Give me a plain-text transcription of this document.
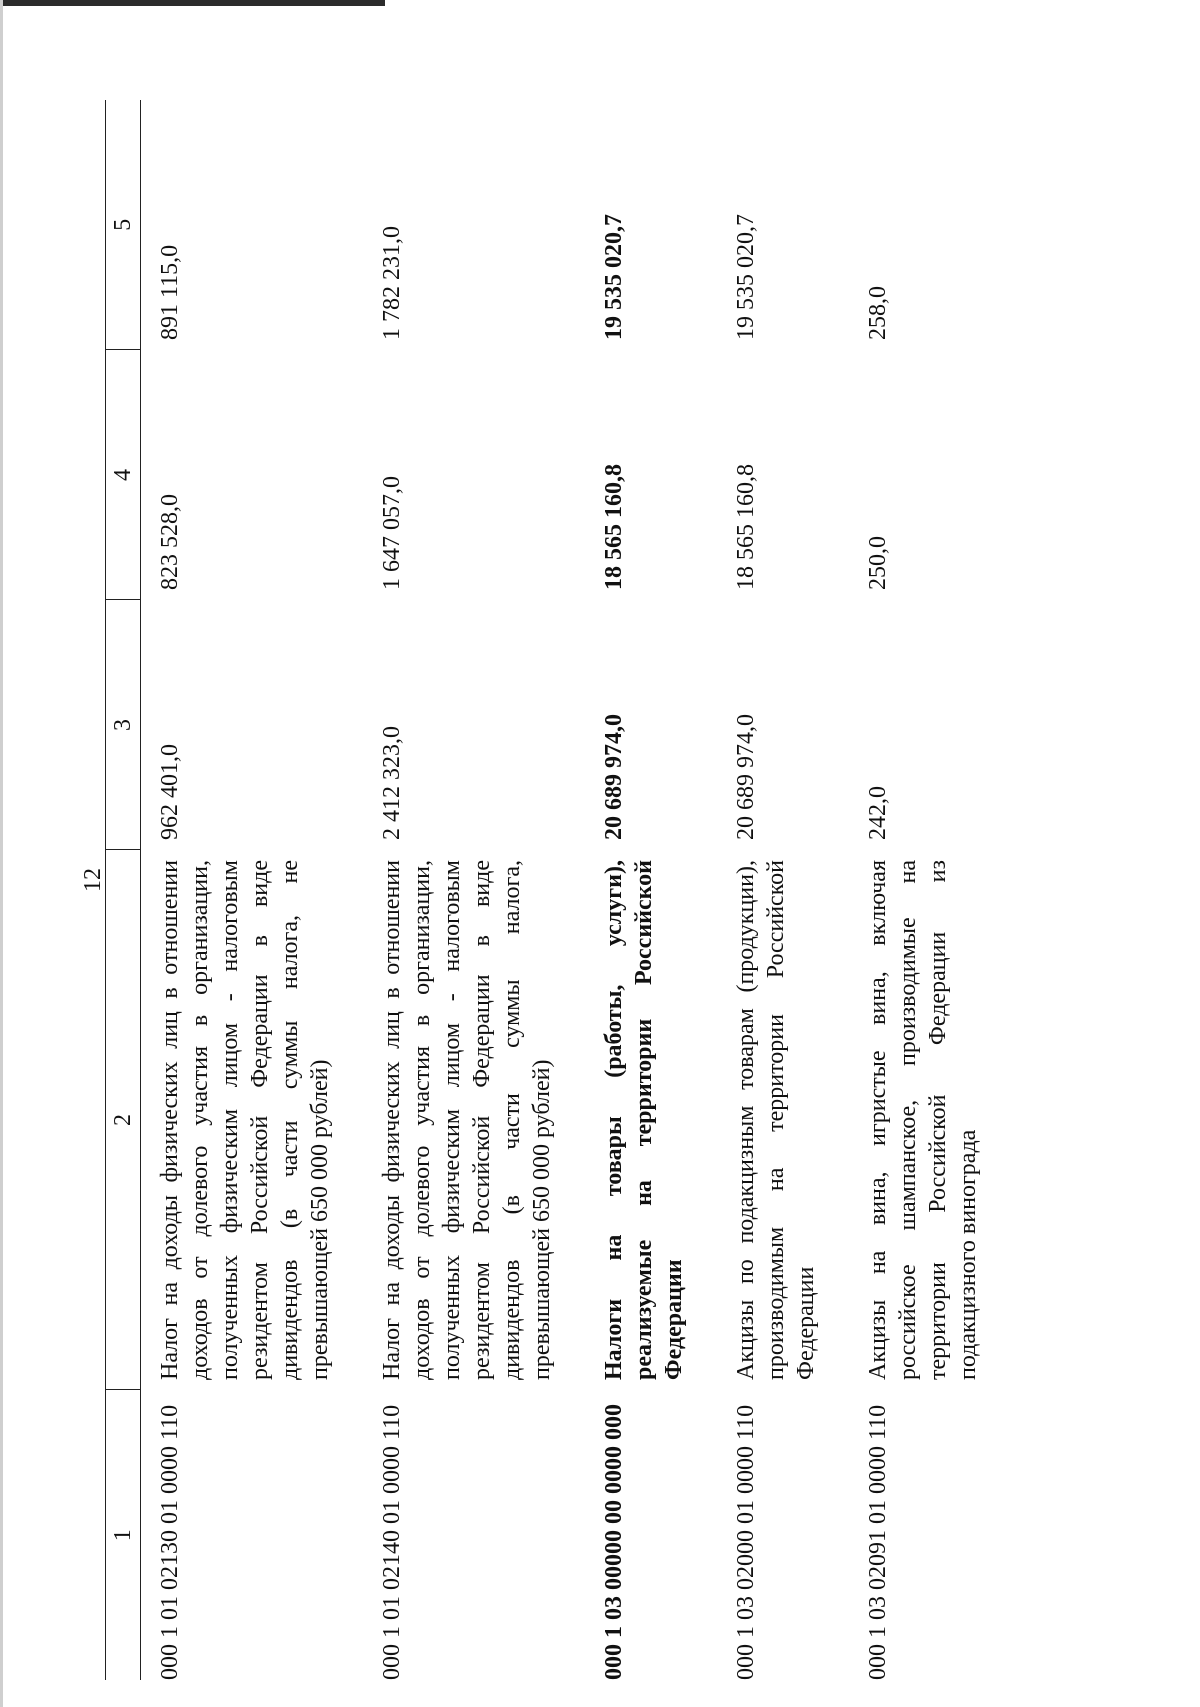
12
1	2	3	4	5
000 1 01 02130 01 0000 110	Налог на доходы физических лиц в отношении доходов от долевого участия в организации, полученных физическим лицом - налоговым резидентом Российской Федерации в виде дивидендов (в части суммы налога, не превышающей 650 000 рублей)	962 401,0	823 528,0	891 115,0
000 1 01 02140 01 0000 110	Налог на доходы физических лиц в отношении доходов от долевого участия в организации, полученных физическим лицом - налоговым резидентом Российской Федерации в виде дивидендов (в части суммы налога, превышающей 650 000 рублей)	2 412 323,0	1 647 057,0	1 782 231,0
000 1 03 00000 00 0000 000	Налоги на товары (работы, услуги), реализуемые на территории Российской Федерации	20 689 974,0	18 565 160,8	19 535 020,7
000 1 03 02000 01 0000 110	Акцизы по подакцизным товарам (продукции), производимым на территории Российской Федерации	20 689 974,0	18 565 160,8	19 535 020,7
000 1 03 02091 01 0000 110	Акцизы на вина, игристые вина, включая российское шампанское, производимые на территории Российской Федерации из подакцизного винограда	242,0	250,0	258,0
